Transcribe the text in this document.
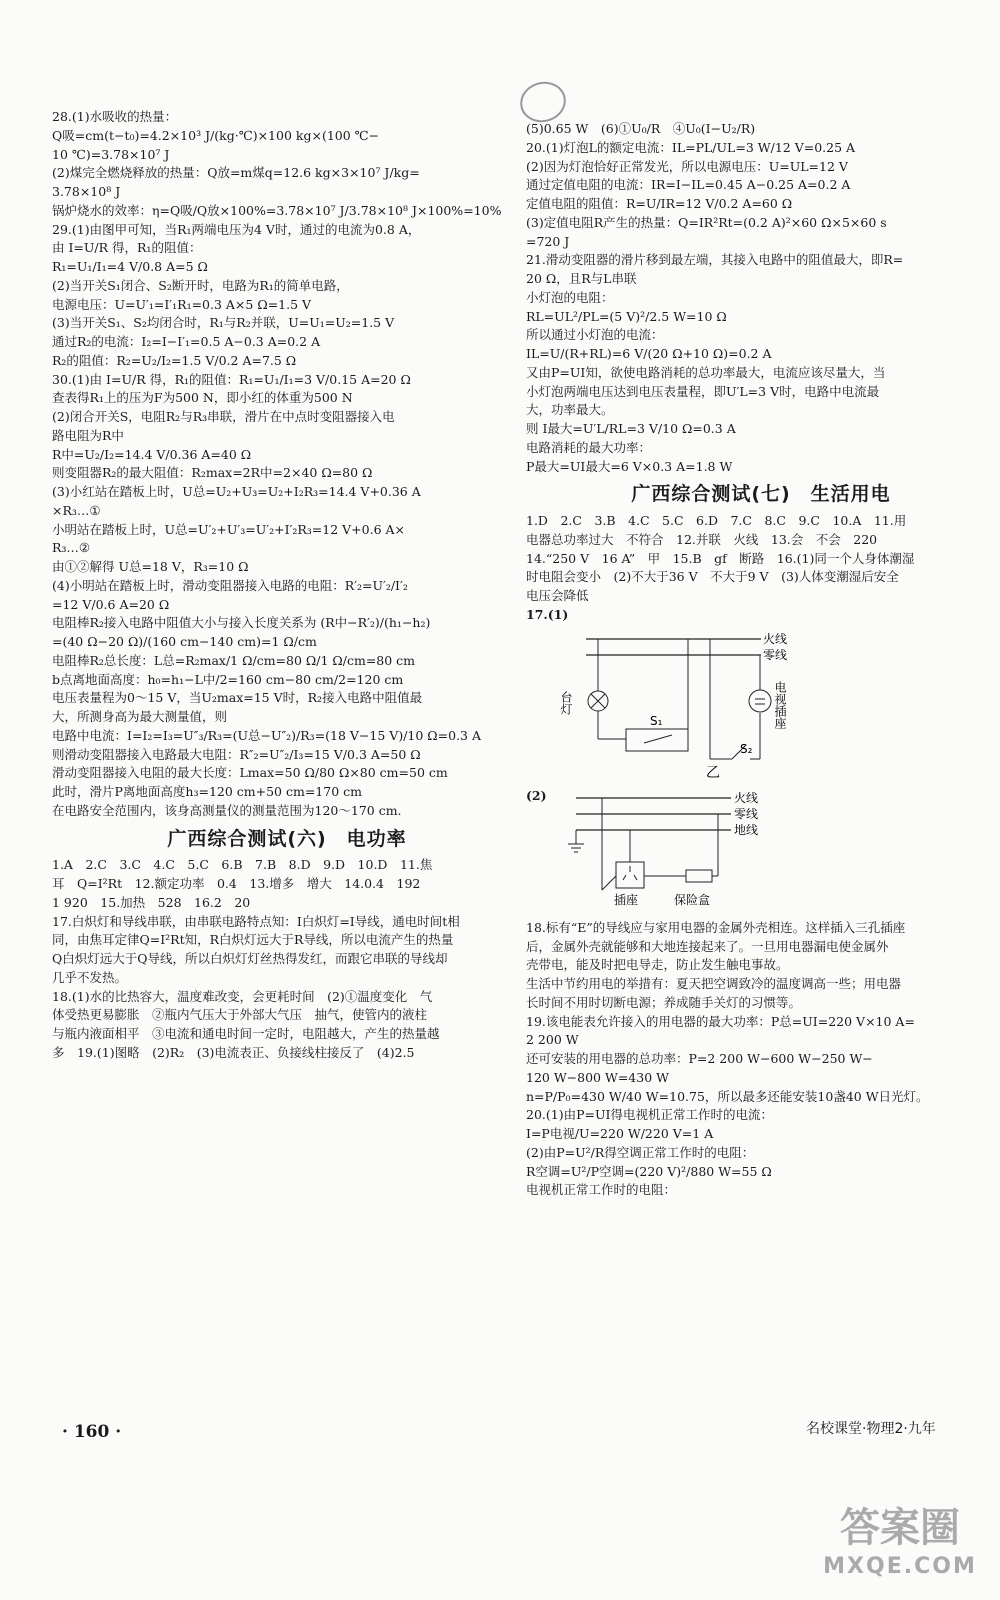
28.(1)水吸收的热量：
Q吸=cm(t−t₀)=4.2×10³ J/(kg·℃)×100 kg×(100 ℃−
10 ℃)=3.78×10⁷ J
(2)煤完全燃烧释放的热量：Q放=m煤q=12.6 kg×3×10⁷ J/kg=
3.78×10⁸ J
锅炉烧水的效率：η=Q吸/Q放×100%=3.78×10⁷ J/3.78×10⁸ J×100%=10%
29.(1)由图甲可知，当R₁两端电压为4 V时，通过的电流为0.8 A，
由 I=U/R 得，R₁的阻值：
R₁=U₁/I₁=4 V/0.8 A=5 Ω
(2)当开关S₁闭合、S₂断开时，电路为R₁的简单电路，
电源电压：U=U′₁=I′₁R₁=0.3 A×5 Ω=1.5 V
(3)当开关S₁、S₂均闭合时，R₁与R₂并联，U=U₁=U₂=1.5 V
通过R₂的电流：I₂=I−I′₁=0.5 A−0.3 A=0.2 A
R₂的阻值：R₂=U₂/I₂=1.5 V/0.2 A=7.5 Ω
30.(1)由 I=U/R 得，R₁的阻值：R₁=U₁/I₁=3 V/0.15 A=20 Ω
查表得R₁上的压为F为500 N，即小红的体重为500 N
(2)闭合开关S，电阻R₂与R₃串联，滑片在中点时变阻器接入电
路电阻为R中
R中=U₂/I₂=14.4 V/0.36 A=40 Ω
则变阻器R₂的最大阻值：R₂max=2R中=2×40 Ω=80 Ω
(3)小红站在踏板上时，U总=U₂+U₃=U₂+I₂R₃=14.4 V+0.36 A
×R₃…①
小明站在踏板上时，U总=U′₂+U′₃=U′₂+I′₂R₃=12 V+0.6 A×
R₃…②
由①②解得 U总=18 V，R₃=10 Ω
(4)小明站在踏板上时，滑动变阻器接入电路的电阻：R′₂=U′₂/I′₂
=12 V/0.6 A=20 Ω
电阻棒R₂接入电路中阻值大小与接入长度关系为 (R中−R′₂)/(h₁−h₂)
=(40 Ω−20 Ω)/(160 cm−140 cm)=1 Ω/cm
电阻棒R₂总长度：L总=R₂max/1 Ω/cm=80 Ω/1 Ω/cm=80 cm
b点离地面高度：h₀=h₁−L中/2=160 cm−80 cm/2=120 cm
电压表量程为0～15 V，当U₂max=15 V时，R₂接入电路中阻值最
大，所测身高为最大测量值，则
电路中电流：I=I₂=I₃=U″₃/R₃=(U总−U″₂)/R₃=(18 V−15 V)/10 Ω=0.3 A
则滑动变阻器接入电路最大电阻：R″₂=U″₂/I₃=15 V/0.3 A=50 Ω
滑动变阻器接入电阻的最大长度：Lmax=50 Ω/80 Ω×80 cm=50 cm
此时，滑片P离地面高度h₃=120 cm+50 cm=170 cm
在电路安全范围内，该身高测量仪的测量范围为120～170 cm.
广西综合测试(六)　电功率
1.A　2.C　3.C　4.C　5.C　6.B　7.B　8.D　9.D　10.D　11.焦
耳　Q=I²Rt　12.额定功率　0.4　13.增多　增大　14.0.4　192
1 920　15.加热　528　16.2　20
17.白炽灯和导线串联，由串联电路特点知：I白炽灯=I导线，通电时间t相
同，由焦耳定律Q=I²Rt知，R白炽灯远大于R导线，所以电流产生的热量
Q白炽灯远大于Q导线，所以白炽灯灯丝热得发红，而跟它串联的导线却
几乎不发热。
18.(1)水的比热容大，温度难改变，会更耗时间　(2)①温度变化　气
体受热更易膨胀　②瓶内气压大于外部大气压　抽气，使管内的液柱
与瓶内液面相平　③电流和通电时间一定时，电阻越大，产生的热量越
多　19.(1)图略　(2)R₂　(3)电流表正、负接线柱接反了　(4)2.5
(5)0.65 W　(6)①U₀/R　④U₀(I−U₂/R)
20.(1)灯泡L的额定电流：IL=PL/UL=3 W/12 V=0.25 A
(2)因为灯泡恰好正常发光，所以电源电压：U=UL=12 V
通过定值电阻的电流：IR=I−IL=0.45 A−0.25 A=0.2 A
定值电阻的阻值：R=U/IR=12 V/0.2 A=60 Ω
(3)定值电阻R产生的热量：Q=IR²Rt=(0.2 A)²×60 Ω×5×60 s
=720 J
21.滑动变阻器的滑片移到最左端，其接入电路中的阻值最大，即R=
20 Ω，且R与L串联
小灯泡的电阻：
RL=UL²/PL=(5 V)²/2.5 W=10 Ω
所以通过小灯泡的电流：
IL=U/(R+RL)=6 V/(20 Ω+10 Ω)=0.2 A
又由P=UI知，欲使电路消耗的总功率最大，电流应该尽量大，当
小灯泡两端电压达到电压表量程，即U′L=3 V时，电路中电流最
大，功率最大。
则 I最大=U′L/RL=3 V/10 Ω=0.3 A
电路消耗的最大功率：
P最大=UI最大=6 V×0.3 A=1.8 W
广西综合测试(七)　生活用电
1.D　2.C　3.B　4.C　5.C　6.D　7.C　8.C　9.C　10.A　11.用
电器总功率过大　不符合　12.并联　火线　13.会　不会　220
14.“250 V　16 A”　甲　15.B　gf　断路　16.(1)同一个人身体潮湿
时电阻会变小　(2)不大于36 V　不大于9 V　(3)人体变潮湿后安全
电压会降低
17.(1)
火线
零线
S₁
台灯
S₂
电视插座
乙
(2)	火线
零线
地线
插座	保险盒
18.标有“E”的导线应与家用电器的金属外壳相连。这样插入三孔插座
后，金属外壳就能够和大地连接起来了。一旦用电器漏电使金属外
壳带电，能及时把电导走，防止发生触电事故。
生活中节约用电的举措有：夏天把空调致冷的温度调高一些；用电器
长时间不用时切断电源；养成随手关灯的习惯等。
19.该电能表允许接入的用电器的最大功率：P总=UI=220 V×10 A=
2 200 W
还可安装的用电器的总功率：P=2 200 W−600 W−250 W−
120 W−800 W=430 W
n=P/P₀=430 W/40 W=10.75，所以最多还能安装10盏40 W日光灯。
20.(1)由P=UI得电视机正常工作时的电流：
I=P电视/U=220 W/220 V=1 A
(2)由P=U²/R得空调正常工作时的电阻：
R空调=U²/P空调=(220 V)²/880 W=55 Ω
电视机正常工作时的电阻：
· 160 ·	名校课堂·物理2·九年
答案圈
MXQE.COM
